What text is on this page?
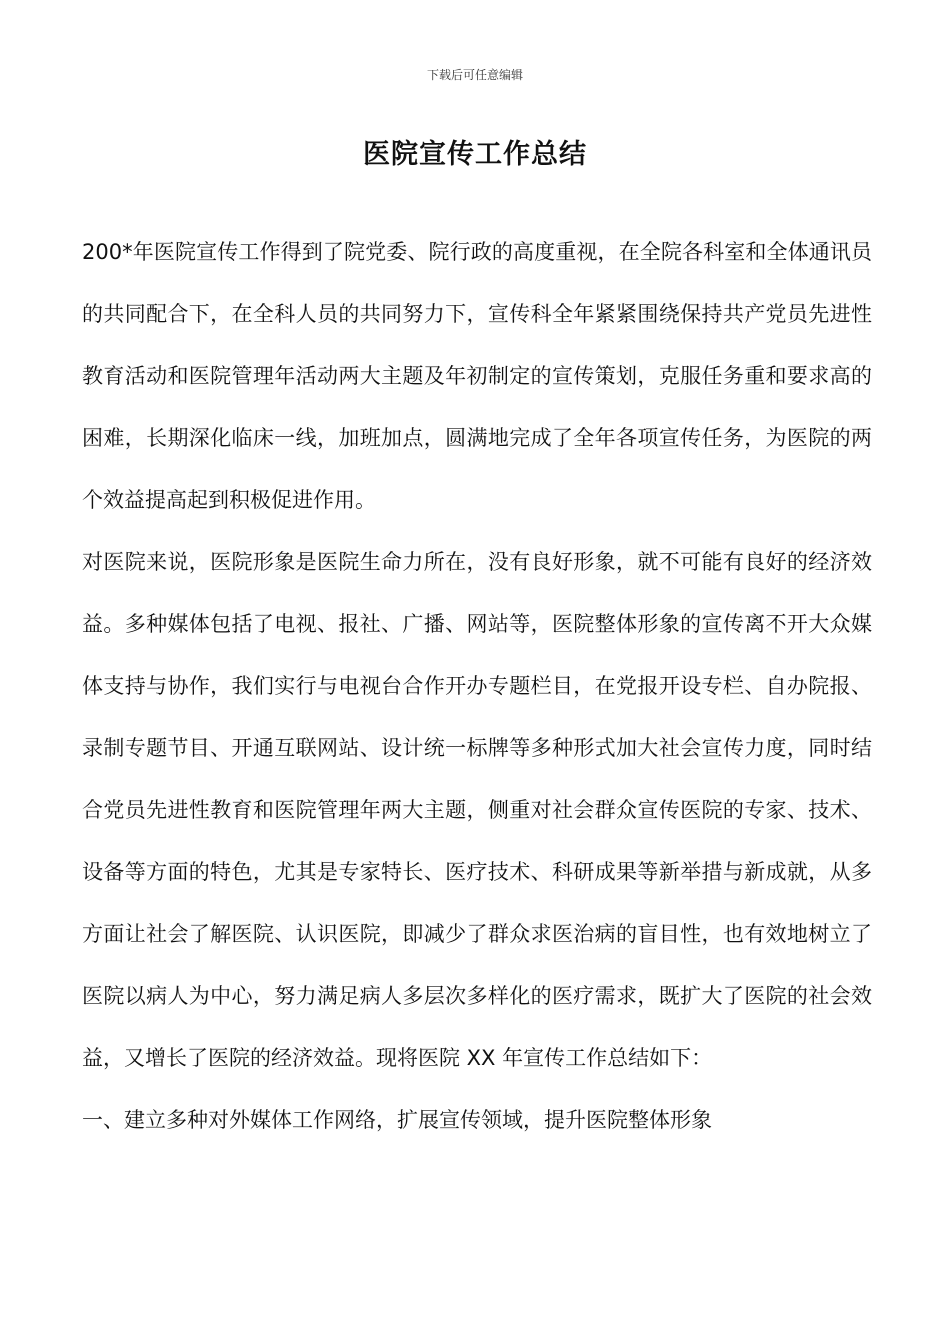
下载后可任意编辑
医院宣传工作总结

200*年医院宣传工作得到了院党委、院行政的高度重视，在全院各科室和全体通讯员的共同配合下，在全科人员的共同努力下，宣传科全年紧紧围绕保持共产党员先进性教育活动和医院管理年活动两大主题及年初制定的宣传策划，克服任务重和要求高的困难，长期深化临床一线，加班加点，圆满地完成了全年各项宣传任务，为医院的两个效益提高起到积极促进作用。

对医院来说，医院形象是医院生命力所在，没有良好形象，就不可能有良好的经济效益。多种媒体包括了电视、报社、广播、网站等，医院整体形象的宣传离不开大众媒体支持与协作，我们实行与电视台合作开办专题栏目，在党报开设专栏、自办院报、录制专题节目、开通互联网站、设计统一标牌等多种形式加大社会宣传力度，同时结合党员先进性教育和医院管理年两大主题，侧重对社会群众宣传医院的专家、技术、设备等方面的特色，尤其是专家特长、医疗技术、科研成果等新举措与新成就，从多方面让社会了解医院、认识医院，即减少了群众求医治病的盲目性，也有效地树立了医院以病人为中心，努力满足病人多层次多样化的医疗需求，既扩大了医院的社会效益，又增长了医院的经济效益。现将医院 XX 年宣传工作总结如下：

一、建立多种对外媒体工作网络，扩展宣传领域，提升医院整体形象
